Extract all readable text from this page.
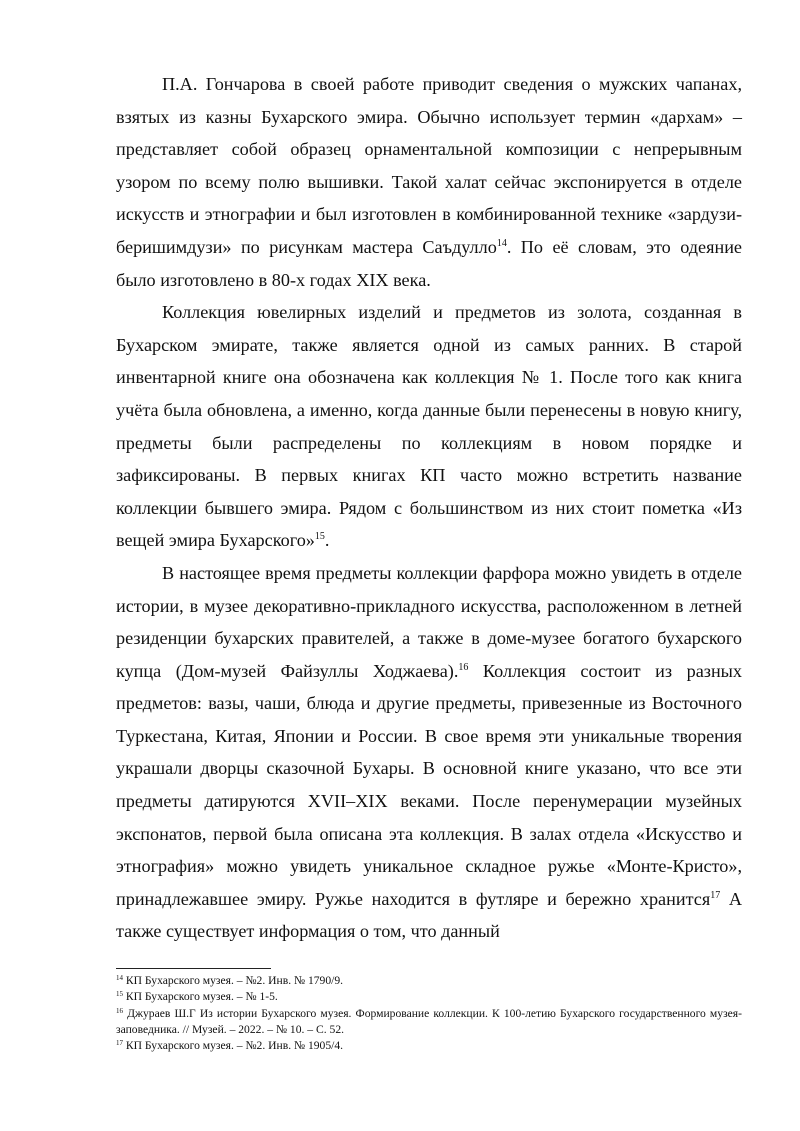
П.А. Гончарова в своей работе приводит сведения о мужских чапанах, взятых из казны Бухарского эмира. Обычно использует термин «дархам» – представляет собой образец орнаментальной композиции с непрерывным узором по всему полю вышивки. Такой халат сейчас экспонируется в отделе искусств и этнографии и был изготовлен в комбинированной технике «зардузи-беришимдузи» по рисункам мастера Саъдулло$^{14}$. По её словам, это одеяние было изготовлено в 80-х годах XIX века.

Коллекция ювелирных изделий и предметов из золота, созданная в Бухарском эмирате, также является одной из самых ранних. В старой инвентарной книге она обозначена как коллекция № 1. После того как книга учёта была обновлена, а именно, когда данные были перенесены в новую книгу, предметы были распределены по коллекциям в новом порядке и зафиксированы. В первых книгах КП часто можно встретить название коллекции бывшего эмира. Рядом с большинством из них стоит пометка «Из вещей эмира Бухарского»$^{15}$.

В настоящее время предметы коллекции фарфора можно увидеть в отделе истории, в музее декоративно-прикладного искусства, расположенном в летней резиденции бухарских правителей, а также в доме-музее богатого бухарского купца (Дом-музей Файзуллы Ходжаева).$^{16}$ Коллекция состоит из разных предметов: вазы, чаши, блюда и другие предметы, привезенные из Восточного Туркестана, Китая, Японии и России. В свое время эти уникальные творения украшали дворцы сказочной Бухары. В основной книге указано, что все эти предметы датируются XVII–XIX веками. После перенумерации музейных экспонатов, первой была описана эта коллекция. В залах отдела «Искусство и этнография» можно увидеть уникальное складное ружье «Монте-Кристо», принадлежавшее эмиру. Ружье находится в футляре и бережно хранится$^{17}$ А также существует информация о том, что данный

$^{14}$ КП Бухарского музея. – №2. Инв. № 1790/9.

$^{15}$ КП Бухарского музея. – № 1-5.

$^{16}$ Джураев Ш.Г Из истории Бухарского музея. Формирование коллекции. К 100-летию Бухарского государственного музея-заповедника. // Музей. – 2022. – № 10. – С. 52.

$^{17}$ КП Бухарского музея. – №2. Инв. № 1905/4.
